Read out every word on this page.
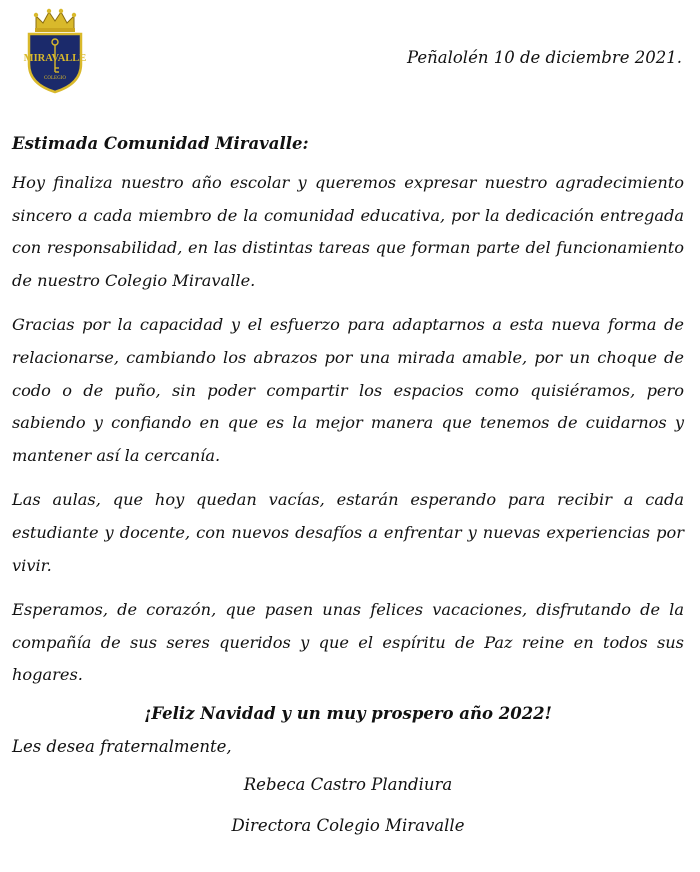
MIRAVALLE
COLEGIO
Peñalolén 10 de diciembre 2021.
Estimada Comunidad Miravalle:

Hoy finaliza nuestro año escolar y queremos expresar nuestro agradecimiento sincero a cada miembro de la comunidad educativa, por la dedicación entregada con responsabilidad, en las distintas tareas que forman parte del funcionamiento de nuestro Colegio Miravalle.

Gracias por la capacidad y el esfuerzo para adaptarnos a esta nueva forma de relacionarse, cambiando los abrazos por una mirada amable, por un choque de codo o de puño, sin poder compartir los espacios como quisiéramos, pero sabiendo y confiando en que es la mejor manera que tenemos de cuidarnos y mantener así la cercanía.

Las aulas, que hoy quedan vacías, estarán esperando para recibir a cada estudiante y docente, con nuevos desafíos a enfrentar y nuevas experiencias por vivir.

Esperamos, de corazón, que pasen unas felices vacaciones, disfrutando de la compañía de sus seres queridos y que el espíritu de Paz reine en todos sus hogares.

¡Feliz Navidad y un muy prospero año 2022!
Les desea fraternalmente,
Rebeca Castro Plandiura
Directora Colegio Miravalle
